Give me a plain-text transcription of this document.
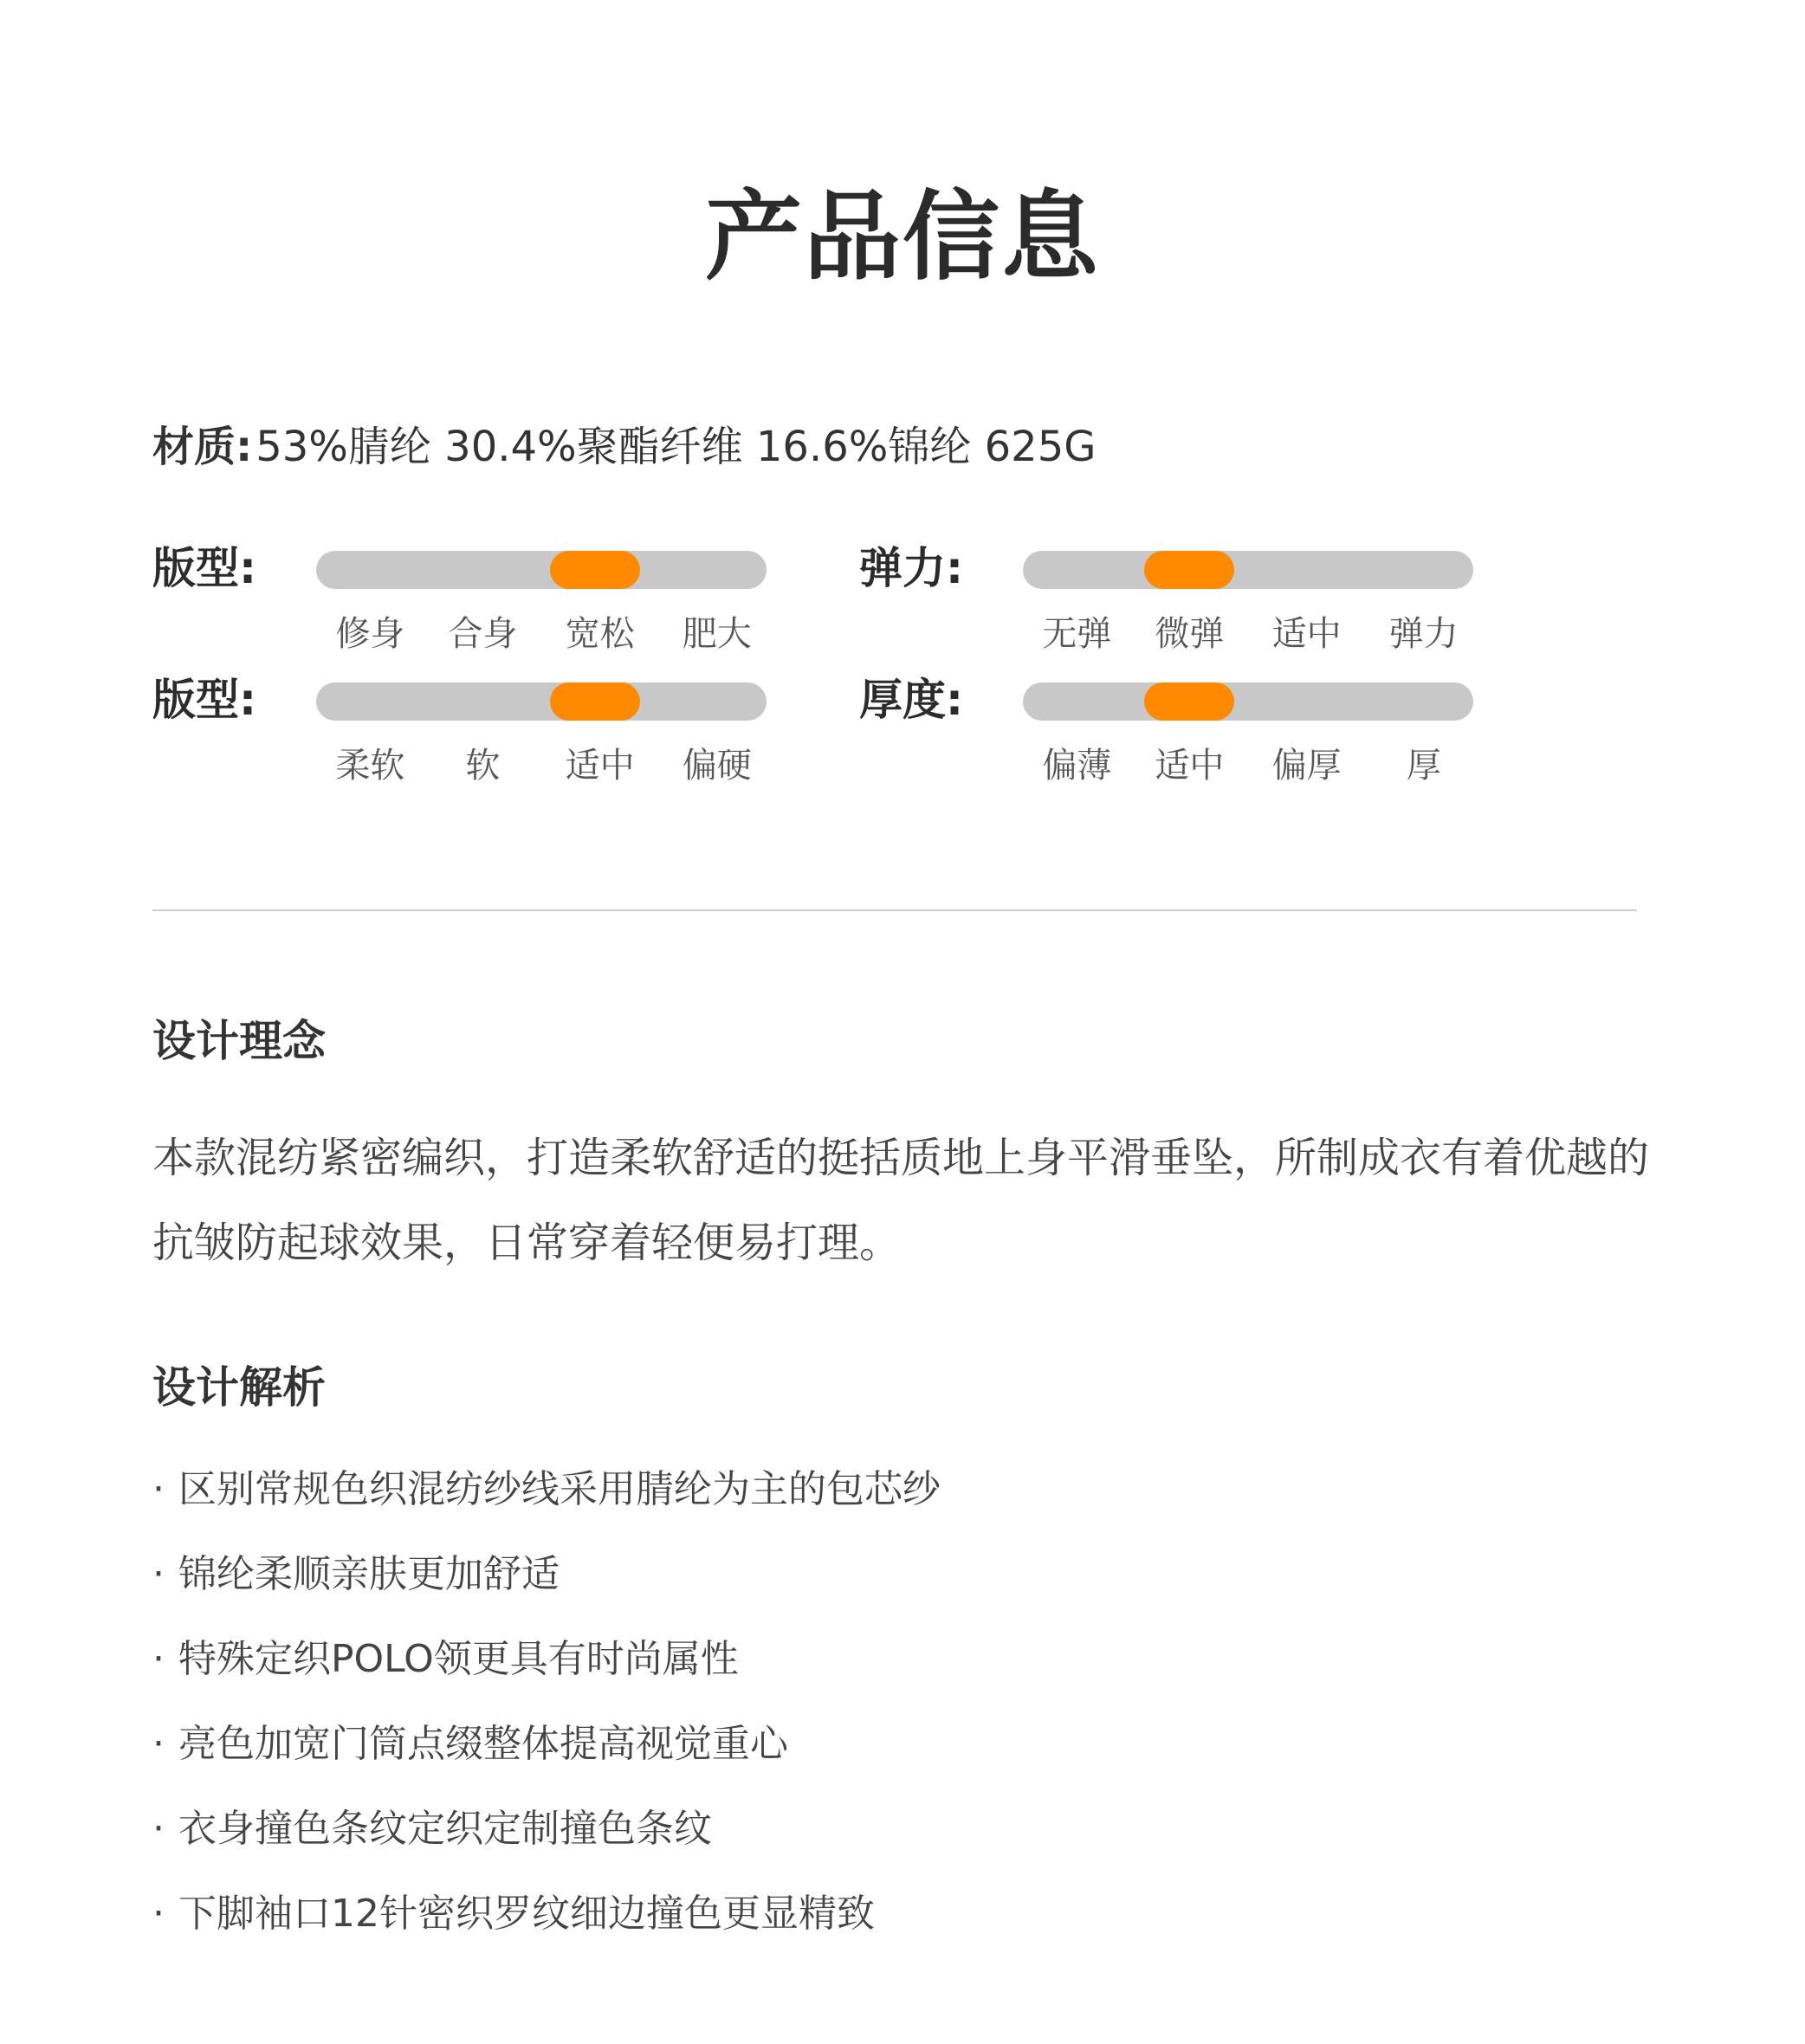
产品信息
材质:53%腈纶 30.4%聚酯纤维 16.6%锦纶 625G
版型:
修身	合身	宽松	肥大
弹力:
无弹	微弹	适中	弹力
版型:
柔软	软	适中	偏硬
厚度:
偏薄	适中	偏厚	厚
设计理念
本款混纺紧密编织，打造柔软舒适的挺括质地上身平滑垂坠，所制成衣有着优越的抗皱防起球效果，日常穿着轻便易打理。
设计解析
· 区别常规色织混纺纱线采用腈纶为主的包芯纱
· 锦纶柔顺亲肤更加舒适
· 特殊定织POLO领更具有时尚属性
· 亮色加宽门筒点缀整体提高视觉重心
· 衣身撞色条纹定织定制撞色条纹
· 下脚袖口12针密织罗纹细边撞色更显精致
